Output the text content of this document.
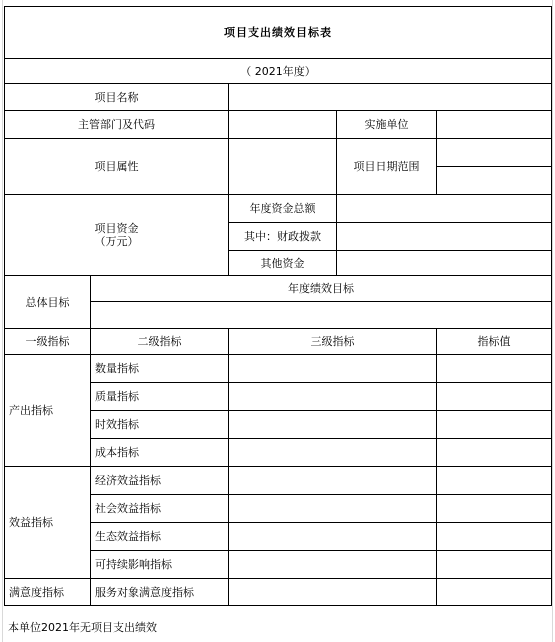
项目支出绩效目标表				
（ 2021年度）				
项目名称				
主管部门及代码			实施单位	
项目属性			项目日期范围	

项目资金
（万元）		年度资金总额		
		其中：财政拨款		
		其他资金		
总体目标	年度绩效目标			

一级指标	二级指标	三级指标		指标值
产出指标	数量指标			
	质量指标			
	时效指标			
	成本指标			
效益指标	经济效益指标			
	社会效益指标			
	生态效益指标			
	可持续影响指标			
满意度指标	服务对象满意度指标			
本单位2021年无项目支出绩效
